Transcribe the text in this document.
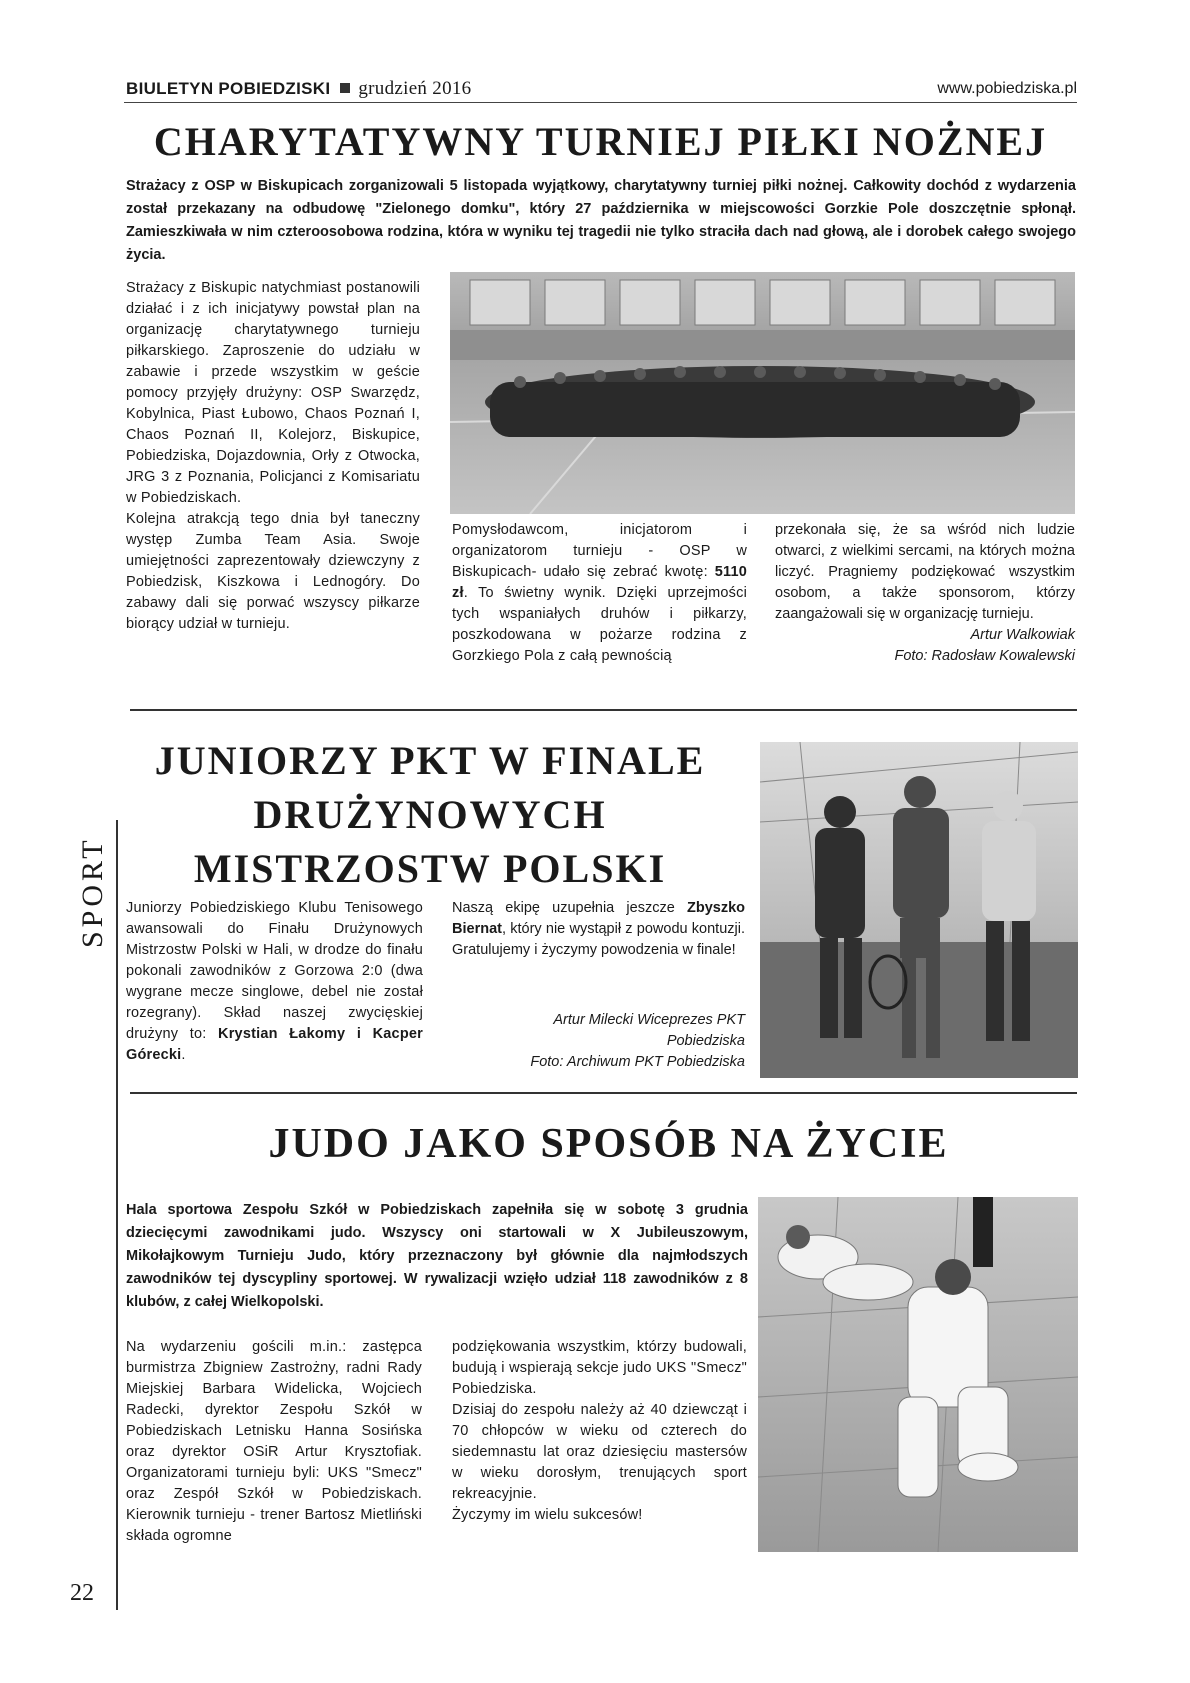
BIULETYN POBIEDZISKI grudzień 2016	www.pobiedziska.pl
CHARYTATYWNY TURNIEJ PIŁKI NOŻNEJ
Strażacy z OSP w Biskupicach zorganizowali 5 listopada wyjątkowy, charytatywny turniej piłki nożnej. Całkowity dochód z wydarzenia został przekazany na odbudowę "Zielonego domku", który 27 października w miejscowości Gorzkie Pole doszczętnie spłonął. Zamieszkiwała w nim czteroosobowa rodzina, która w wyniku tej tragedii nie tylko straciła dach nad głową, ale i dorobek całego swojego życia.
Strażacy z Biskupic natychmiast postanowili działać i z ich inicjatywy powstał plan na organizację charytatywnego turnieju piłkarskiego. Zaproszenie do udziału w zabawie i przede wszystkim w geście pomocy przyjęły drużyny: OSP Swarzędz, Kobylnica, Piast Łubowo, Chaos Poznań I, Chaos Poznań II, Kolejorz, Biskupice, Pobiedziska, Dojazdownia, Orły z Otwocka, JRG 3 z Poznania, Policjanci z Komisariatu w Pobiedziskach.
Kolejna atrakcją tego dnia był taneczny występ Zumba Team Asia. Swoje umiejętności zaprezentowały dziewczyny z Pobiedzisk, Kiszkowa i Lednogóry. Do zabawy dali się porwać wszyscy piłkarze biorący udział w turnieju.
Pomysłodawcom, inicjatorom i organizatorom turnieju - OSP w Biskupicach- udało się zebrać kwotę: 5110 zł. To świetny wynik. Dzięki uprzejmości tych wspaniałych druhów i piłkarzy, poszkodowana w pożarze rodzina z Gorzkiego Pola z całą pewnością
przekonała się, że sa wśród nich ludzie otwarci, z wielkimi sercami, na których można liczyć. Pragniemy podziękować wszystkim osobom, a także sponsorom, którzy zaangażowali się w organizację turnieju.
Artur Walkowiak
Foto: Radosław Kowalewski
JUNIORZY PKT W FINALE
DRUŻYNOWYCH
MISTRZOSTW POLSKI
Juniorzy Pobiedziskiego Klubu Tenisowego awansowali do Finału Drużynowych Mistrzostw Polski w Hali, w drodze do finału pokonali zawodników z Gorzowa 2:0 (dwa wygrane mecze singlowe, debel nie został rozegrany). Skład naszej zwycięskiej drużyny to: Krystian Łakomy i Kacper Górecki.
Naszą ekipę uzupełnia jeszcze Zbyszko Biernat, który nie wystąpił z powodu kontuzji. Gratulujemy i życzymy powodzenia w finale!
Artur Milecki Wiceprezes PKT
Pobiedziska
Foto: Archiwum PKT Pobiedziska
JUDO JAKO SPOSÓB NA ŻYCIE
Hala sportowa Zespołu Szkół w Pobiedziskach zapełniła się w sobotę 3 grudnia dziecięcymi zawodnikami judo. Wszyscy oni startowali w X Jubileuszowym, Mikołajkowym Turnieju Judo, który przeznaczony był głównie dla najmłodszych zawodników tej dyscypliny sportowej. W rywalizacji wzięło udział 118 zawodników z 8 klubów, z całej Wielkopolski.
Na wydarzeniu gościli m.in.: zastępca burmistrza Zbigniew Zastrożny, radni Rady Miejskiej Barbara Widelicka, Wojciech Radecki, dyrektor Zespołu Szkół w Pobiedziskach Letnisku Hanna Sosińska oraz dyrektor OSiR Artur Krysztofiak. Organizatorami turnieju byli: UKS "Smecz" oraz Zespół Szkół w Pobiedziskach. Kierownik turnieju - trener Bartosz Mietliński składa ogromne
podziękowania wszystkim, którzy budowali, budują i wspierają sekcje judo UKS "Smecz" Pobiedziska.
Dzisiaj do zespołu należy aż 40 dziewcząt i 70 chłopców w wieku od czterech do siedemnastu lat oraz dziesięciu mastersów w wieku dorosłym, trenujących sport rekreacyjnie.
Życzymy im wielu sukcesów!
SPORT
22
